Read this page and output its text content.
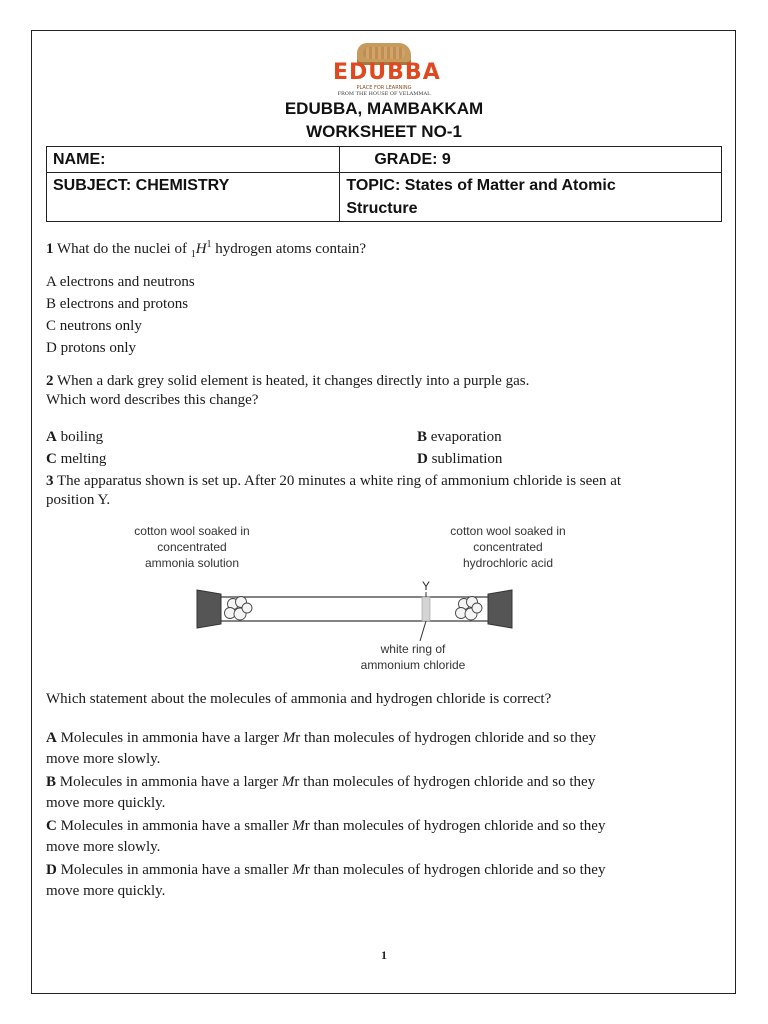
EDUBBA
PLACE FOR LEARNING
FROM THE HOUSE OF VELAMMAL
EDUBBA, MAMBAKKAM
WORKSHEET NO-1
NAME:	GRADE: 9
SUBJECT: CHEMISTRY	TOPIC: States of Matter and Atomic
Structure
1 What do the nuclei of $_1H^1$ hydrogen atoms contain?
A electrons and neutrons
B electrons and protons
C neutrons only
D protons only
2 When a dark grey solid element is heated, it changes directly into a purple gas.
Which word describes this change?
A boiling	B evaporation
C melting	D sublimation
3 The apparatus shown is set up. After 20 minutes a white ring of ammonium chloride is seen at
position Y.
cotton wool soaked in
concentrated
ammonia solution
cotton wool soaked in
concentrated
hydrochloric acid
Y
white ring of
ammonium chloride
Which statement about the molecules of ammonia and hydrogen chloride is correct?
A Molecules in ammonia have a larger Mr than molecules of hydrogen chloride and so they
move more slowly.
B Molecules in ammonia have a larger Mr than molecules of hydrogen chloride and so they
move more quickly.
C Molecules in ammonia have a smaller Mr than molecules of hydrogen chloride and so they
move more slowly.
D Molecules in ammonia have a smaller Mr than molecules of hydrogen chloride and so they
move more quickly.
1
